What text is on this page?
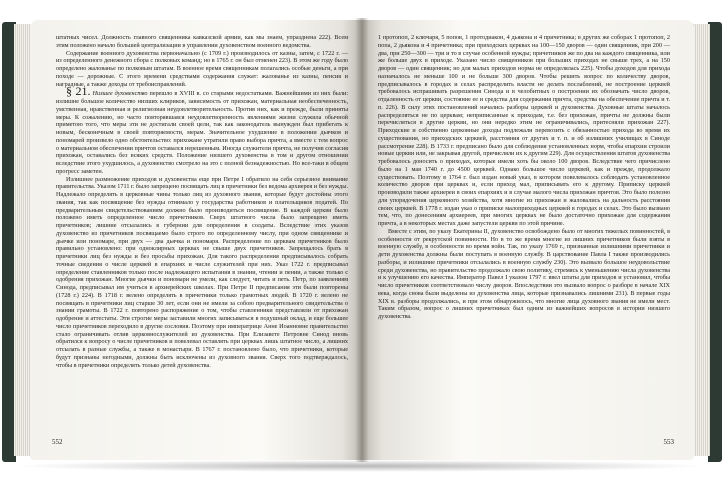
штатных чисел. Должность главного священника кавказской армии, как мы знаем, упразднена 222). Всем этим положено начало большей централизации в управлении духовенством военного ведомства.

Содержание военного духовенства первоначально (с 1709 г.) производилось от казны, затем, с 1722 г. — из определенного денежного сбора с полковых команд; но в 1765 г. он был отменен 223). В этом же году было определено жалованье по полковым штатам. В военное время священникам полагались особые деньги, а при походе — дорожные. С этого времени средствами содержания служат: жалованье из казны, пенсия и наградные, а также доходы от требоисправлений.

§ 21. Низшее духовенство перешло в XVIII в. со старыми недостатками. Важнейшими из них были: излишне большое количество низших клириков, зависимость от прихожан, материальная необеспеченность, умственная, нравственная и религиозная неудовлетворительность. Против них, как и прежде, были приняты меры. К сожалению, но часто повторявшаяся неудовлетворенность явлениями жизни служила обычной приметою того, что меры эти не достигали своей цели, так как законодатель вынужден был прибегать к новым, бесконечным в своей повторяемости, мерам. Значительное ухудшение в положении дьячков и пономарей произвело одно обстоятельство: прихожане утратили право выбора причта, а вместе с тем вопрос о материальном обеспечении причтов оставался нерешенным. Иногда служители причта, не получив согласия прихожан, оставались без всяких средств. Положение низшего духовенства в том и другом отношении вследствие этого ухудшилось, а духовенство смотрело на это с полной безнадежностью. Но все-таки в общем прогресс заметен.

Излишнее размножение приходов и духовенства еще при Петре I обратило на себя серьезное внимание правительства. Указом 1711 г. было запрещено посвящать лиц в причетники без ведома архиерея и без нужды. Надлежало определять в церковные чины только лиц из духовного звания, которые будут достойны этого звания, так как посвящение без нужды отнимало у государства работников и плательщиков податей. По предварительным свидетельствованиям должно было производиться посвящение. В каждой церкви было положено иметь определенное число причетников. Сверх штатного числа было запрещено иметь причетников; лишние отсылались в губернии для определения в солдаты. Вследствие этих указов духовенство из причетников посвящаемо было строго по определенному числу, при одном священнике и дьячке или пономаре, при двух — два дьячка и пономаря. Распределение по церквам причетников было правильно установлено: при одноклирных церквах не свыше двух причетников. Запрещалось брать в причетники лиц без нужды и без просьбы прихожан. Для такого распределения предписывалось собрать точные сведения о числе церквей в епархиях и числе служителей при них. Указ 1722 г. предписывал определение ставленников только после надлежащего испытания в знании, чтении и пении, а также только с одобрения прихожан. Многие дьячки и пономари не умели, как следует, читать и петь. Петр, по заявлениям Синода, предписывал им учиться в архиерейских школах. При Петре II предписания эти были повторены (1728 г.) 224). В 1718 г. велено определять в причетники только грамотных людей. В 1720 г. велено не посвящать в причетники лиц старше 30 лет, если они не имели за собою предварительного свидетельства о знании грамоты. В 1722 г. повторено распоряжение о том, чтобы ставленники представляли от прихожан одобрение и аттестаты. Эти строгие меры заставили многих записываться в подушный оклад, и еще большее число причетников переходило в другие сословия. Поэтому при императрице Анне Иоанновне правительство стало ограничивать отлив церковнослужителей из духовенства. При Елизавете Петровне Синод вновь обратился к вопросу о числе причетников и повелевал оставлять при церквах лишь штатное число, а лишних отсылать в разные службы, а также в монастыри. В 1767 г. постановлено было, что причетники, которые будут признаны негодными, должны быть исключены из духовного звания. Сверх того подтверждалось, чтобы в причетники определять только детей духовенства.

552

1 протопоп, 2 ключаря, 5 попов, 1 протодиакон, 4 дьякона и 4 причетника; в других же соборах 1 протопоп, 2 попа, 2 дьякона и 4 причетника; при приходских церквах на 100—150 дворов — один священник, при 200 — два, при 250—300 — три и то в случае особенной нужды; причетников же по два на каждого священника, или же больше двух в приходе. Указано число священников при больших приходах не свыше трех, а на 150 дворов — один священник; но для малых приходов норма не определялась 225). Чтобы доходов для прихода назначалось не меньше 100 и не больше 300 дворов. Чтобы решить вопрос по количеству дворов, предписывалось в городах и селах распределить власти не делать послаблений, не построение церквей требовалось испрашивать разрешения Синода и в челобитных о построении их обозначать число дворов, отдаленность от церкви, состояние ее и средства для содержания причта, средства на обеспечение причта и т. п. 226). В силу этих постановлений начались разборы церквей и духовенства. Духовные штаты началось распределяться не по церквам; неприписанные к приходам, т.е. без прихожан, причты не должны были перечисляться в другие церкви, но они нередко этим не ограничивались, притесняли прихожан 227). Приходские и собственно церковные доходы подлежали перевозить с обязанностью прихода во время их существования, но приходских церквей, расстояния от других и т. п. и об излишних училищах в Синоде рассмотрение 228). В 1733 г. предписано было для соблюдения установленных норм, чтобы епархии строили новые церкви или, не закрывая другой, причисляли их к другим 229). Для осуществления штатов духовенства требовалось доносить о приходах, которые имели хоть бы около 100 дворов. Вследствие чего причислено было на 1 мая 1740 г. до 4500 церквей. Однако большое число церквей, как и прежде, продолжало существовать. Поэтому в 1764 г. был издан новый указ, в котором повелевалось соблюдать установленное количество дворов при церквах и, если приход мал, приписывать его к другому. Приписку церквей производили также архиереи в своих епархиях и в случае малого числа прихожан причтов. Это было полезно для упорядочения церковного хозяйства, хотя многие из прихожан и жаловались на дальность расстояния своих церквей. В 1778 г. издан указ о приписке малоприходных церквей в городах и селах. Это было вызвано тем, что, по донесениям архиереев, при многих церквах не было достаточно прихожан для содержания причта, а в некоторых местах даже запустели церкви по этой причине.

Вместе с этим, по указу Екатерины II, духовенство освобождено было от многих тяжелых повинностей, в особенности от рекрутской повинности. Но в то же время многие из лишних причетников были взяты в военную службу, в особенности во время войн. Так, по указу 1769 г., признанные излишними причетники и дети духовенства должны были поступать в военную службу. В царствование Павла I также производились разборы, и излишние причетники отсылались в военную службу 230). Это вызвало большое неудовольствие среди духовенства, но правительство продолжало свою политику, стремясь к уменьшению числа духовенства и к улучшению его качества. Император Павел I указом 1797 г. ввел штаты для приходов и установил, чтобы число причетников соответствовало числу дворов. Впоследствии это вызвало вопрос о разборе в начале XIX века, когда снова были выделены из духовенства лица, которые признавались лишними 231). В первые годы XIX в. разборы продолжались, и при этом обнаружилось, что многие лица духовного звания не имели мест. Таким образом, вопрос о лишних причетниках был одним из важнейших вопросов в истории низшего духовенства.

553
